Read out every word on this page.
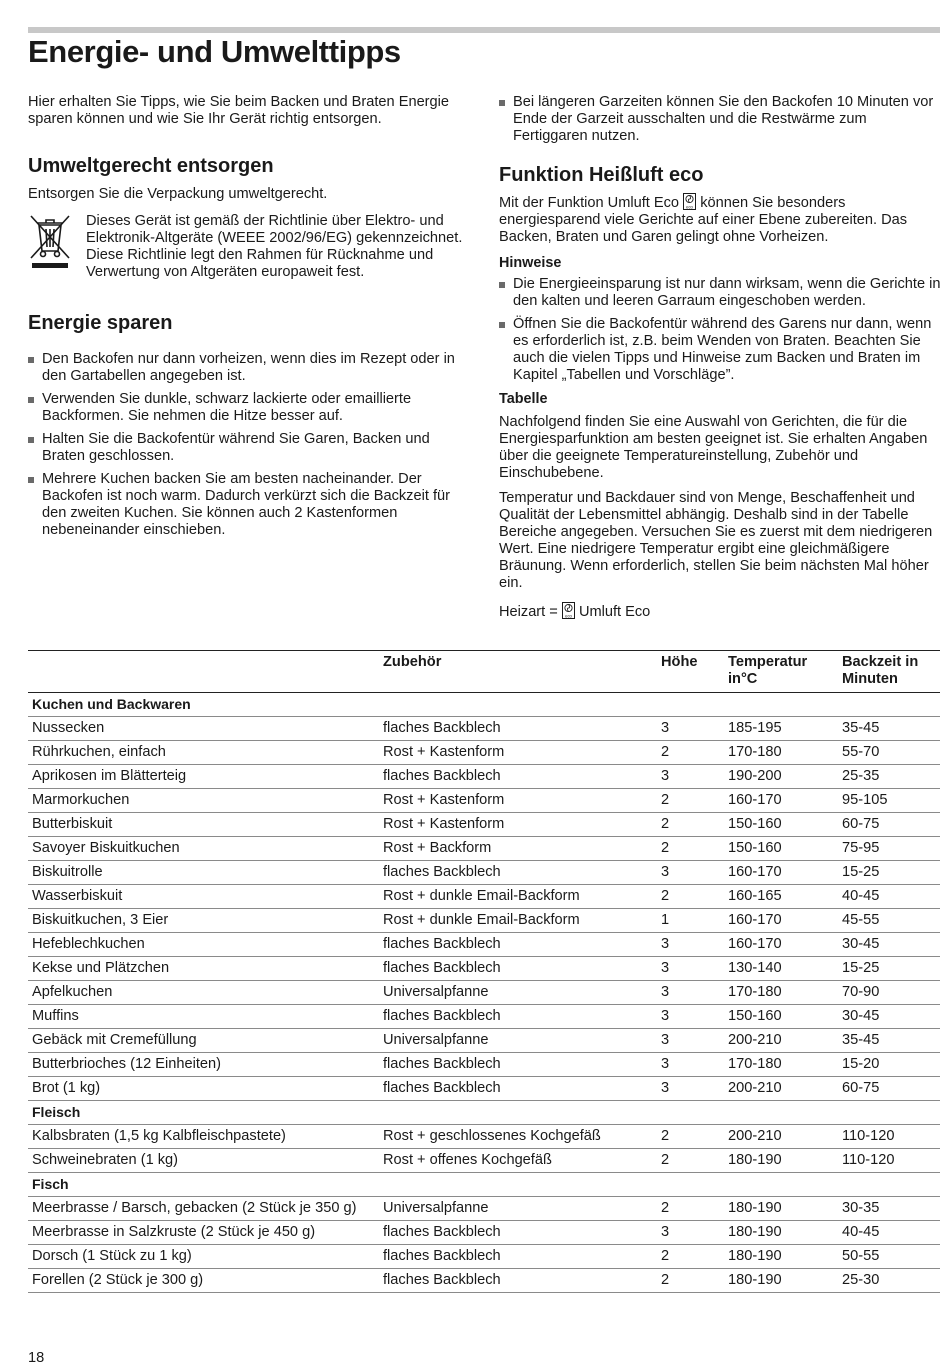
Energie- und Umwelttipps

Hier erhalten Sie Tipps, wie Sie beim Backen und Braten Energie sparen können und wie Sie Ihr Gerät richtig entsorgen.

Umweltgerecht entsorgen

Entsorgen Sie die Verpackung umweltgerecht.

Dieses Gerät ist gemäß der Richtlinie über Elektro- und Elektronik-Altgeräte (WEEE 2002/96/EG) gekennzeichnet. Diese Richtlinie legt den Rahmen für Rücknahme und Verwertung von Altgeräten europaweit fest.

Energie sparen
Den Backofen nur dann vorheizen, wenn dies im Rezept oder in den Gartabellen angegeben ist.
Verwenden Sie dunkle, schwarz lackierte oder emaillierte Backformen. Sie nehmen die Hitze besser auf.
Halten Sie die Backofentür während Sie Garen, Backen und Braten geschlossen.
Mehrere Kuchen backen Sie am besten nacheinander. Der Backofen ist noch warm. Dadurch verkürzt sich die Backzeit für den zweiten Kuchen. Sie können auch 2 Kastenformen nebeneinander einschieben.
Bei längeren Garzeiten können Sie den Backofen 10 Minuten vor Ende der Garzeit ausschalten und die Restwärme zum Fertiggaren nutzen.
Funktion Heißluft eco

Mit der Funktion Umluft Eco eco können Sie besonders energiesparend viele Gerichte auf einer Ebene zubereiten. Das Backen, Braten und Garen gelingt ohne Vorheizen.

Hinweise
Die Energieeinsparung ist nur dann wirksam, wenn die Gerichte in den kalten und leeren Garraum eingeschoben werden.
Öffnen Sie die Backofentür während des Garens nur dann, wenn es erforderlich ist, z.B. beim Wenden von Braten. Beachten Sie auch die vielen Tipps und Hinweise zum Backen und Braten im Kapitel „Tabellen und Vorschläge”.
Tabelle

Nachfolgend finden Sie eine Auswahl von Gerichten, die für die Energiesparfunktion am besten geeignet ist. Sie erhalten Angaben über die geeignete Temperatureinstellung, Zubehör und Einschubebene.

Temperatur und Backdauer sind von Menge, Beschaffenheit und Qualität der Lebensmittel abhängig. Deshalb sind in der Tabelle Bereiche angegeben. Versuchen Sie es zuerst mit dem niedrigeren Wert. Eine niedrigere Temperatur ergibt eine gleichmäßigere Bräunung. Wenn erforderlich, stellen Sie beim nächsten Mal höher ein.

Heizart = eco Umluft Eco

	Zubehör	Höhe	Temperatur in°C	Backzeit in Minuten
Kuchen und Backwaren				
Nussecken	flaches Backblech	3	185-195	35-45
Rührkuchen, einfach	Rost + Kastenform	2	170-180	55-70
Aprikosen im Blätterteig	flaches Backblech	3	190-200	25-35
Marmorkuchen	Rost + Kastenform	2	160-170	95-105
Butterbiskuit	Rost + Kastenform	2	150-160	60-75
Savoyer Biskuitkuchen	Rost + Backform	2	150-160	75-95
Biskuitrolle	flaches Backblech	3	160-170	15-25
Wasserbiskuit	Rost + dunkle Email-Backform	2	160-165	40-45
Biskuitkuchen, 3 Eier	Rost + dunkle Email-Backform	1	160-170	45-55
Hefeblechkuchen	flaches Backblech	3	160-170	30-45
Kekse und Plätzchen	flaches Backblech	3	130-140	15-25
Apfelkuchen	Universalpfanne	3	170-180	70-90
Muffins	flaches Backblech	3	150-160	30-45
Gebäck mit Cremefüllung	Universalpfanne	3	200-210	35-45
Butterbrioches (12 Einheiten)	flaches Backblech	3	170-180	15-20
Brot (1 kg)	flaches Backblech	3	200-210	60-75
Fleisch				
Kalbsbraten (1,5 kg Kalbfleischpastete)	Rost + geschlossenes Kochgefäß	2	200-210	110-120
Schweinebraten (1 kg)	Rost + offenes Kochgefäß	2	180-190	110-120
Fisch				
Meerbrasse / Barsch, gebacken (2 Stück je 350 g)	Universalpfanne	2	180-190	30-35
Meerbrasse in Salzkruste (2 Stück je 450 g)	flaches Backblech	3	180-190	40-45
Dorsch (1 Stück zu 1 kg)	flaches Backblech	2	180-190	50-55
Forellen (2 Stück je 300 g)	flaches Backblech	2	180-190	25-30
18
